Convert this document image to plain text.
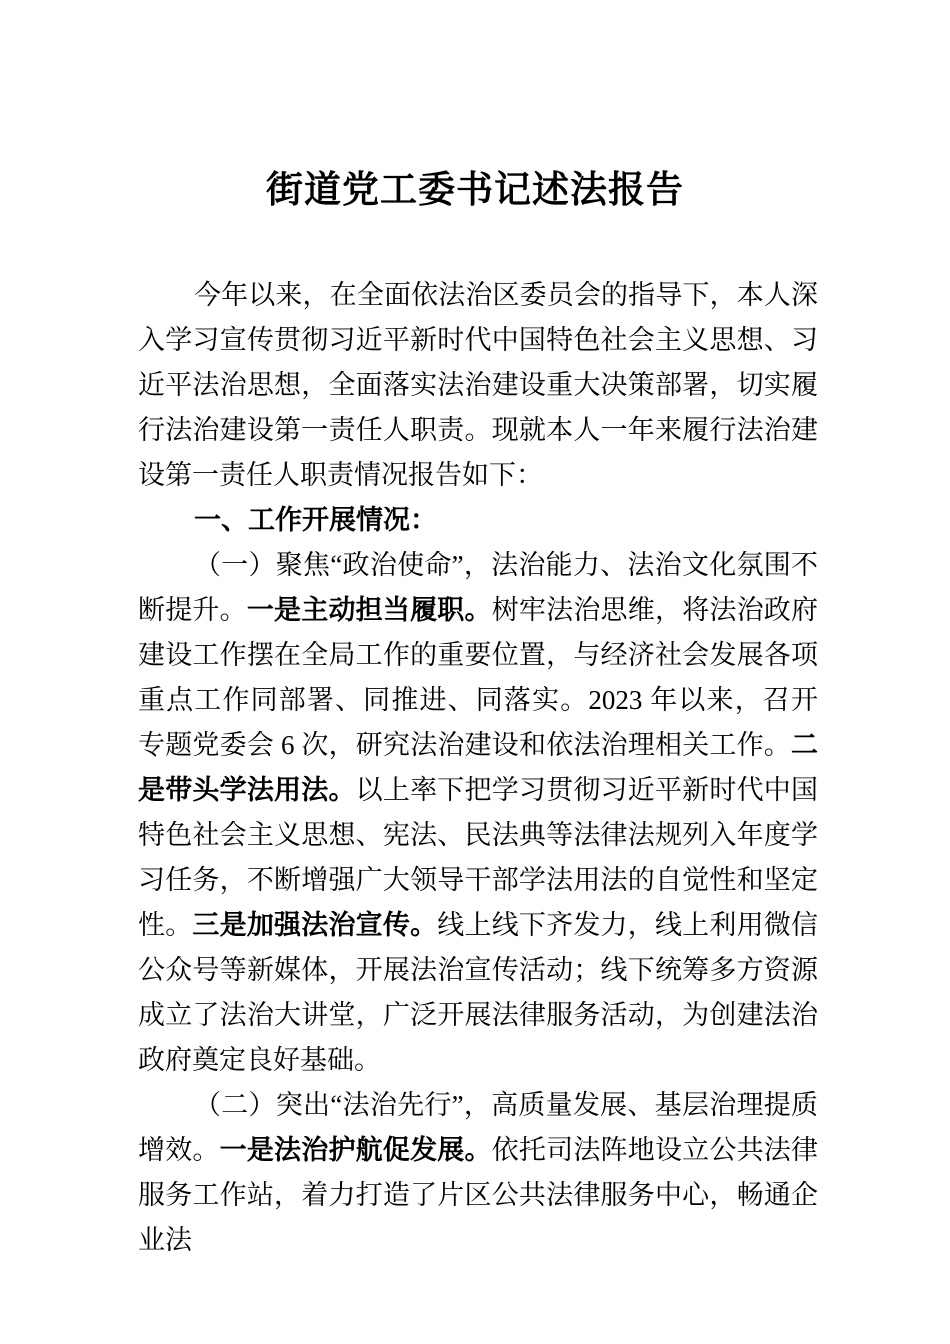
街道党工委书记述法报告

今年以来，在全面依法治区委员会的指导下，本人深入学习宣传贯彻习近平新时代中国特色社会主义思想、习近平法治思想，全面落实法治建设重大决策部署，切实履行法治建设第一责任人职责。现就本人一年来履行法治建设第一责任人职责情况报告如下：

一、工作开展情况：

（一）聚焦“政治使命”，法治能力、法治文化氛围不断提升。一是主动担当履职。树牢法治思维，将法治政府建设工作摆在全局工作的重要位置，与经济社会发展各项重点工作同部署、同推进、同落实。2023 年以来，召开专题党委会 6 次，研究法治建设和依法治理相关工作。二是带头学法用法。以上率下把学习贯彻习近平新时代中国特色社会主义思想、宪法、民法典等法律法规列入年度学习任务，不断增强广大领导干部学法用法的自觉性和坚定性。三是加强法治宣传。线上线下齐发力，线上利用微信公众号等新媒体，开展法治宣传活动；线下统筹多方资源成立了法治大讲堂，广泛开展法律服务活动，为创建法治政府奠定良好基础。

（二）突出“法治先行”，高质量发展、基层治理提质增效。一是法治护航促发展。依托司法阵地设立公共法律服务工作站，着力打造了片区公共法律服务中心，畅通企业法
